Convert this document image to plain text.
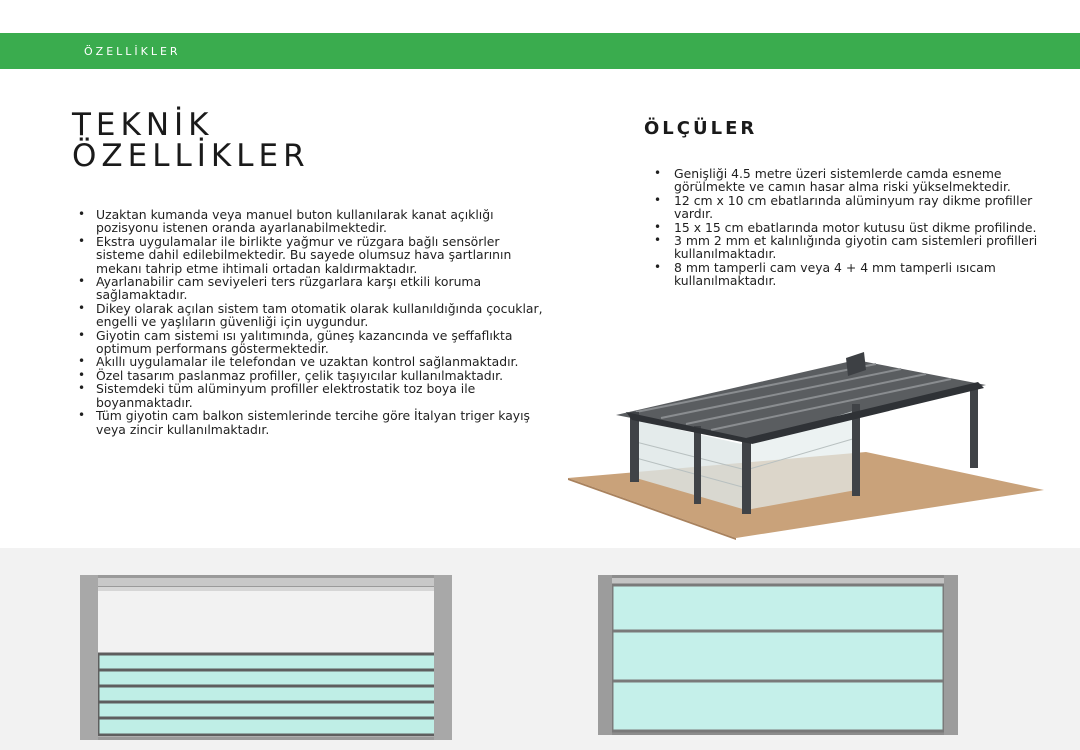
ÖZELLİKLER
TEKNİK
ÖZELLİKLER
• Uzaktan kumanda veya manuel buton kullanılarak kanat açıklığı pozisyonu istenen oranda ayarlanabilmektedir.
• Ekstra uygulamalar ile birlikte yağmur ve rüzgara bağlı sensörler sisteme dahil edilebilmektedir. Bu sayede olumsuz hava şartlarının mekanı tahrip etme ihtimali ortadan kaldırmaktadır.
• Ayarlanabilir cam seviyeleri ters rüzgarlara karşı etkili koruma sağlamaktadır.
• Dikey olarak açılan sistem tam otomatik olarak kullanıldığında çocuklar, engelli ve yaşlıların güvenliği için uygundur.
• Giyotin cam sistemi ısı yalıtımında, güneş kazancında ve şeffaflıkta optimum performans göstermektedir.
• Akıllı uygulamalar ile telefondan ve uzaktan kontrol sağlanmaktadır.
• Özel tasarım paslanmaz profiller, çelik taşıyıcılar kullanılmaktadır.
• Sistemdeki tüm alüminyum profiller elektrostatik toz boya ile boyanmaktadır.
• Tüm giyotin cam balkon sistemlerinde tercihe göre İtalyan triger kayış veya zincir kullanılmaktadır.
ÖLÇÜLER
• Genişliği 4.5 metre üzeri sistemlerde camda esneme görülmekte ve camın hasar alma riski yükselmektedir.
• 12 cm x 10 cm ebatlarında alüminyum ray dikme profiller vardır.
• 15 x 15 cm ebatlarında motor kutusu üst dikme profilinde.
• 3 mm 2 mm et kalınlığında giyotin cam sistemleri profilleri kullanılmaktadır.
• 8 mm tamperli cam veya 4 + 4 mm tamperli ısıcam kullanılmaktadır.
